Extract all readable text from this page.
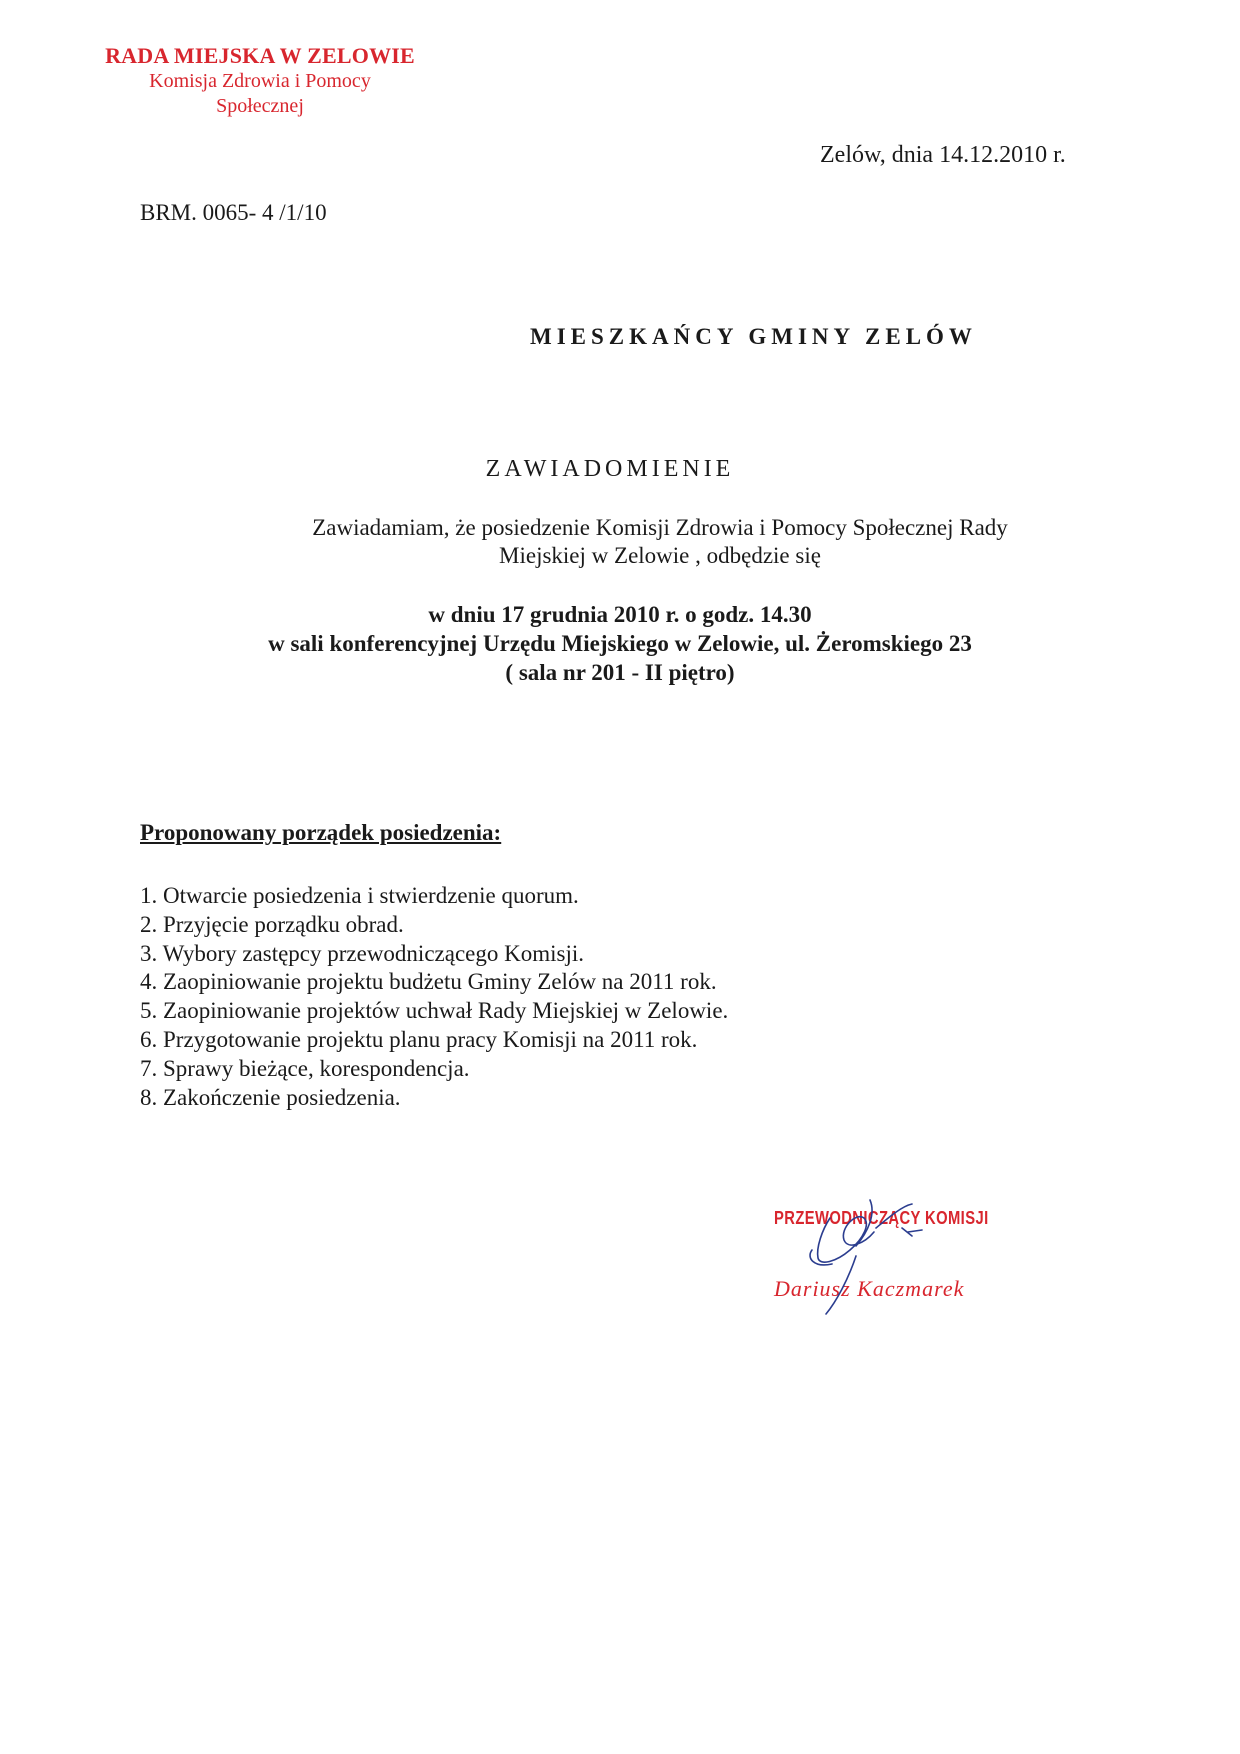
RADA MIEJSKA W ZELOWIE
Komisja Zdrowia i Pomocy
Społecznej
Zelów, dnia 14.12.2010 r.
BRM. 0065- 4 /1/10
MIESZKAŃCY GMINY ZELÓW
ZAWIADOMIENIE
Zawiadamiam, że posiedzenie Komisji Zdrowia i Pomocy Społecznej Rady
Miejskiej w Zelowie , odbędzie się
w dniu 17 grudnia 2010 r. o godz. 14.30
w sali konferencyjnej Urzędu Miejskiego w Zelowie, ul. Żeromskiego 23
( sala nr 201 - II piętro)
Proponowany porządek posiedzenia:
1. Otwarcie posiedzenia i stwierdzenie quorum.
2. Przyjęcie porządku obrad.
3. Wybory zastępcy przewodniczącego Komisji.
4. Zaopiniowanie projektu budżetu Gminy Zelów na 2011 rok.
5. Zaopiniowanie projektów uchwał Rady Miejskiej w Zelowie.
6. Przygotowanie projektu planu pracy Komisji na 2011 rok.
7. Sprawy bieżące, korespondencja.
8. Zakończenie posiedzenia.
PRZEWODNICZĄCY KOMISJI
Dariusz Kaczmarek
